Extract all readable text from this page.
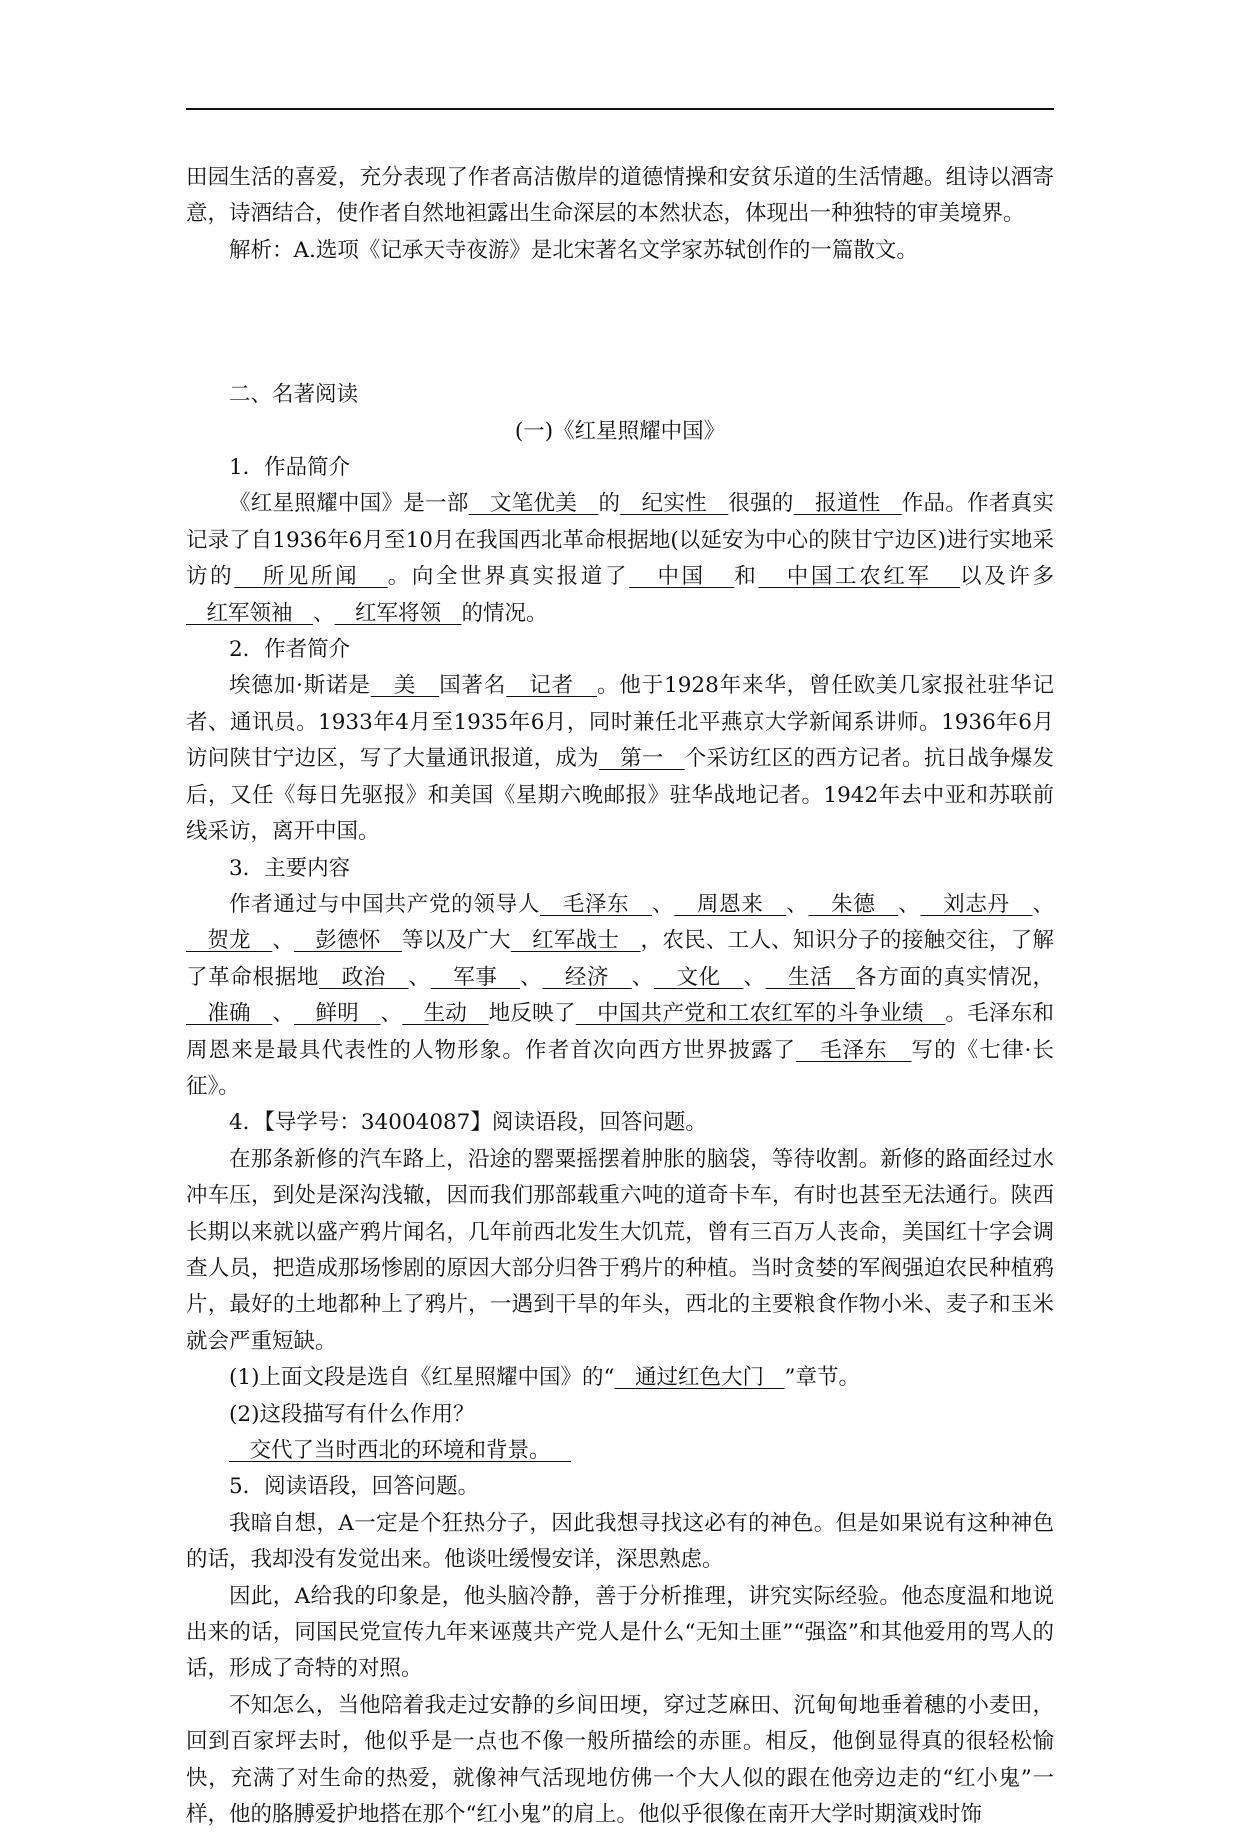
田园生活的喜爱，充分表现了作者高洁傲岸的道德情操和安贫乐道的生活情趣。组诗以酒寄意，诗酒结合，使作者自然地袒露出生命深层的本然状态，体现出一种独特的审美境界。

解析：A.选项《记承天寺夜游》是北宋著名文学家苏轼创作的一篇散文。

二、名著阅读

(一)《红星照耀中国》

1．作品简介

《红星照耀中国》是一部   文笔优美   的   纪实性   很强的   报道性   作品。作者真实记录了自1936年6月至10月在我国西北革命根据地(以延安为中心的陕甘宁边区)进行实地采访的   所见所闻   。向全世界真实报道了   中国   和   中国工农红军   以及许多   红军领袖   、   红军将领   的情况。

2．作者简介

埃德加·斯诺是   美   国著名   记者   。他于1928年来华，曾任欧美几家报社驻华记者、通讯员。1933年4月至1935年6月，同时兼任北平燕京大学新闻系讲师。1936年6月访问陕甘宁边区，写了大量通讯报道，成为   第一   个采访红区的西方记者。抗日战争爆发后，又任《每日先驱报》和美国《星期六晚邮报》驻华战地记者。1942年去中亚和苏联前线采访，离开中国。

3．主要内容

作者通过与中国共产党的领导人   毛泽东   、   周恩来   、   朱德   、   刘志丹   、   贺龙   、   彭德怀   等以及广大   红军战士   ，农民、工人、知识分子的接触交往，了解了革命根据地   政治   、   军事   、   经济   、   文化   、   生活   各方面的真实情况，   准确   、   鲜明   、   生动   地反映了   中国共产党和工农红军的斗争业绩   。毛泽东和周恩来是最具代表性的人物形象。作者首次向西方世界披露了   毛泽东   写的《七律·长征》。

4．【导学号：34004087】阅读语段，回答问题。

在那条新修的汽车路上，沿途的罂粟摇摆着肿胀的脑袋，等待收割。新修的路面经过水冲车压，到处是深沟浅辙，因而我们那部载重六吨的道奇卡车，有时也甚至无法通行。陕西长期以来就以盛产鸦片闻名，几年前西北发生大饥荒，曾有三百万人丧命，美国红十字会调查人员，把造成那场惨剧的原因大部分归咎于鸦片的种植。当时贪婪的军阀强迫农民种植鸦片，最好的土地都种上了鸦片，一遇到干旱的年头，西北的主要粮食作物小米、麦子和玉米就会严重短缺。

(1)上面文段是选自《红星照耀中国》的“   通过红色大门   ”章节。

(2)这段描写有什么作用？

交代了当时西北的环境和背景。

5．阅读语段，回答问题。

我暗自想，A一定是个狂热分子，因此我想寻找这必有的神色。但是如果说有这种神色的话，我却没有发觉出来。他谈吐缓慢安详，深思熟虑。

因此，A给我的印象是，他头脑冷静，善于分析推理，讲究实际经验。他态度温和地说出来的话，同国民党宣传九年来诬蔑共产党人是什么“无知土匪”“强盗”和其他爱用的骂人的话，形成了奇特的对照。

不知怎么，当他陪着我走过安静的乡间田埂，穿过芝麻田、沉甸甸地垂着穗的小麦田，回到百家坪去时，他似乎是一点也不像一般所描绘的赤匪。相反，他倒显得真的很轻松愉快，充满了对生命的热爱，就像神气活现地仿佛一个大人似的跟在他旁边走的“红小鬼”一样，他的胳膊爱护地搭在那个“红小鬼”的肩上。他似乎很像在南开大学时期演戏时饰
